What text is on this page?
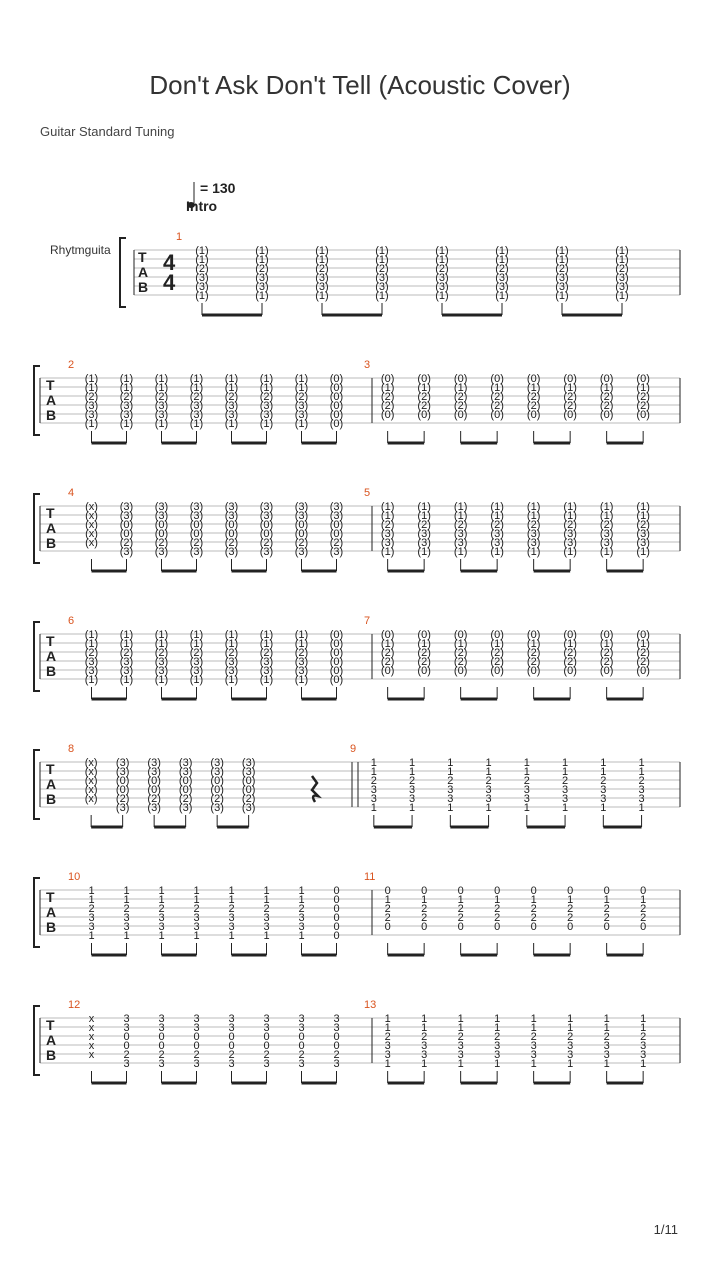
Don't Ask Don't Tell (Acoustic Cover)
Guitar Standard Tuning
= 130
Intro
Rhytmguita
1/11
T
A
B
4
4
1
(1)
(1)
(2)
(3)
(3)
(1)
(1)
(1)
(2)
(3)
(3)
(1)
(1)
(1)
(2)
(3)
(3)
(1)
(1)
(1)
(2)
(3)
(3)
(1)
(1)
(1)
(2)
(3)
(3)
(1)
(1)
(1)
(2)
(3)
(3)
(1)
(1)
(1)
(2)
(3)
(3)
(1)
(1)
(1)
(2)
(3)
(3)
(1)
T
A
B
2
(1)
(1)
(2)
(3)
(3)
(1)
(1)
(1)
(2)
(3)
(3)
(1)
(1)
(1)
(2)
(3)
(3)
(1)
(1)
(1)
(2)
(3)
(3)
(1)
(1)
(1)
(2)
(3)
(3)
(1)
(1)
(1)
(2)
(3)
(3)
(1)
(1)
(1)
(2)
(3)
(3)
(1)
(0)
(0)
(0)
(0)
(0)
(0)
3
(0)
(1)
(2)
(2)
(0)
(0)
(1)
(2)
(2)
(0)
(0)
(1)
(2)
(2)
(0)
(0)
(1)
(2)
(2)
(0)
(0)
(1)
(2)
(2)
(0)
(0)
(1)
(2)
(2)
(0)
(0)
(1)
(2)
(2)
(0)
(0)
(1)
(2)
(2)
(0)
T
A
B
4
(x)
(x)
(x)
(x)
(x)
(3)
(3)
(0)
(0)
(2)
(3)
(3)
(3)
(0)
(0)
(2)
(3)
(3)
(3)
(0)
(0)
(2)
(3)
(3)
(3)
(0)
(0)
(2)
(3)
(3)
(3)
(0)
(0)
(2)
(3)
(3)
(3)
(0)
(0)
(2)
(3)
(3)
(3)
(0)
(0)
(2)
(3)
5
(1)
(1)
(2)
(3)
(3)
(1)
(1)
(1)
(2)
(3)
(3)
(1)
(1)
(1)
(2)
(3)
(3)
(1)
(1)
(1)
(2)
(3)
(3)
(1)
(1)
(1)
(2)
(3)
(3)
(1)
(1)
(1)
(2)
(3)
(3)
(1)
(1)
(1)
(2)
(3)
(3)
(1)
(1)
(1)
(2)
(3)
(3)
(1)
T
A
B
6
(1)
(1)
(2)
(3)
(3)
(1)
(1)
(1)
(2)
(3)
(3)
(1)
(1)
(1)
(2)
(3)
(3)
(1)
(1)
(1)
(2)
(3)
(3)
(1)
(1)
(1)
(2)
(3)
(3)
(1)
(1)
(1)
(2)
(3)
(3)
(1)
(1)
(1)
(2)
(3)
(3)
(1)
(0)
(0)
(0)
(0)
(0)
(0)
7
(0)
(1)
(2)
(2)
(0)
(0)
(1)
(2)
(2)
(0)
(0)
(1)
(2)
(2)
(0)
(0)
(1)
(2)
(2)
(0)
(0)
(1)
(2)
(2)
(0)
(0)
(1)
(2)
(2)
(0)
(0)
(1)
(2)
(2)
(0)
(0)
(1)
(2)
(2)
(0)
T
A
B
8
(x)
(x)
(x)
(x)
(x)
(3)
(3)
(0)
(0)
(2)
(3)
(3)
(3)
(0)
(0)
(2)
(3)
(3)
(3)
(0)
(0)
(2)
(3)
(3)
(3)
(0)
(0)
(2)
(3)
(3)
(3)
(0)
(0)
(2)
(3)
9
1
1
2
3
3
1
1
1
2
3
3
1
1
1
2
3
3
1
1
1
2
3
3
1
1
1
2
3
3
1
1
1
2
3
3
1
1
1
2
3
3
1
1
1
2
3
3
1
T
A
B
10
1
1
2
3
3
1
1
1
2
3
3
1
1
1
2
3
3
1
1
1
2
3
3
1
1
1
2
3
3
1
1
1
2
3
3
1
1
1
2
3
3
1
0
0
0
0
0
0
11
0
1
2
2
0
0
1
2
2
0
0
1
2
2
0
0
1
2
2
0
0
1
2
2
0
0
1
2
2
0
0
1
2
2
0
0
1
2
2
0
T
A
B
12
x
x
x
x
x
3
3
0
0
2
3
3
3
0
0
2
3
3
3
0
0
2
3
3
3
0
0
2
3
3
3
0
0
2
3
3
3
0
0
2
3
3
3
0
0
2
3
13
1
1
2
3
3
1
1
1
2
3
3
1
1
1
2
3
3
1
1
1
2
3
3
1
1
1
2
3
3
1
1
1
2
3
3
1
1
1
2
3
3
1
1
1
2
3
3
1
